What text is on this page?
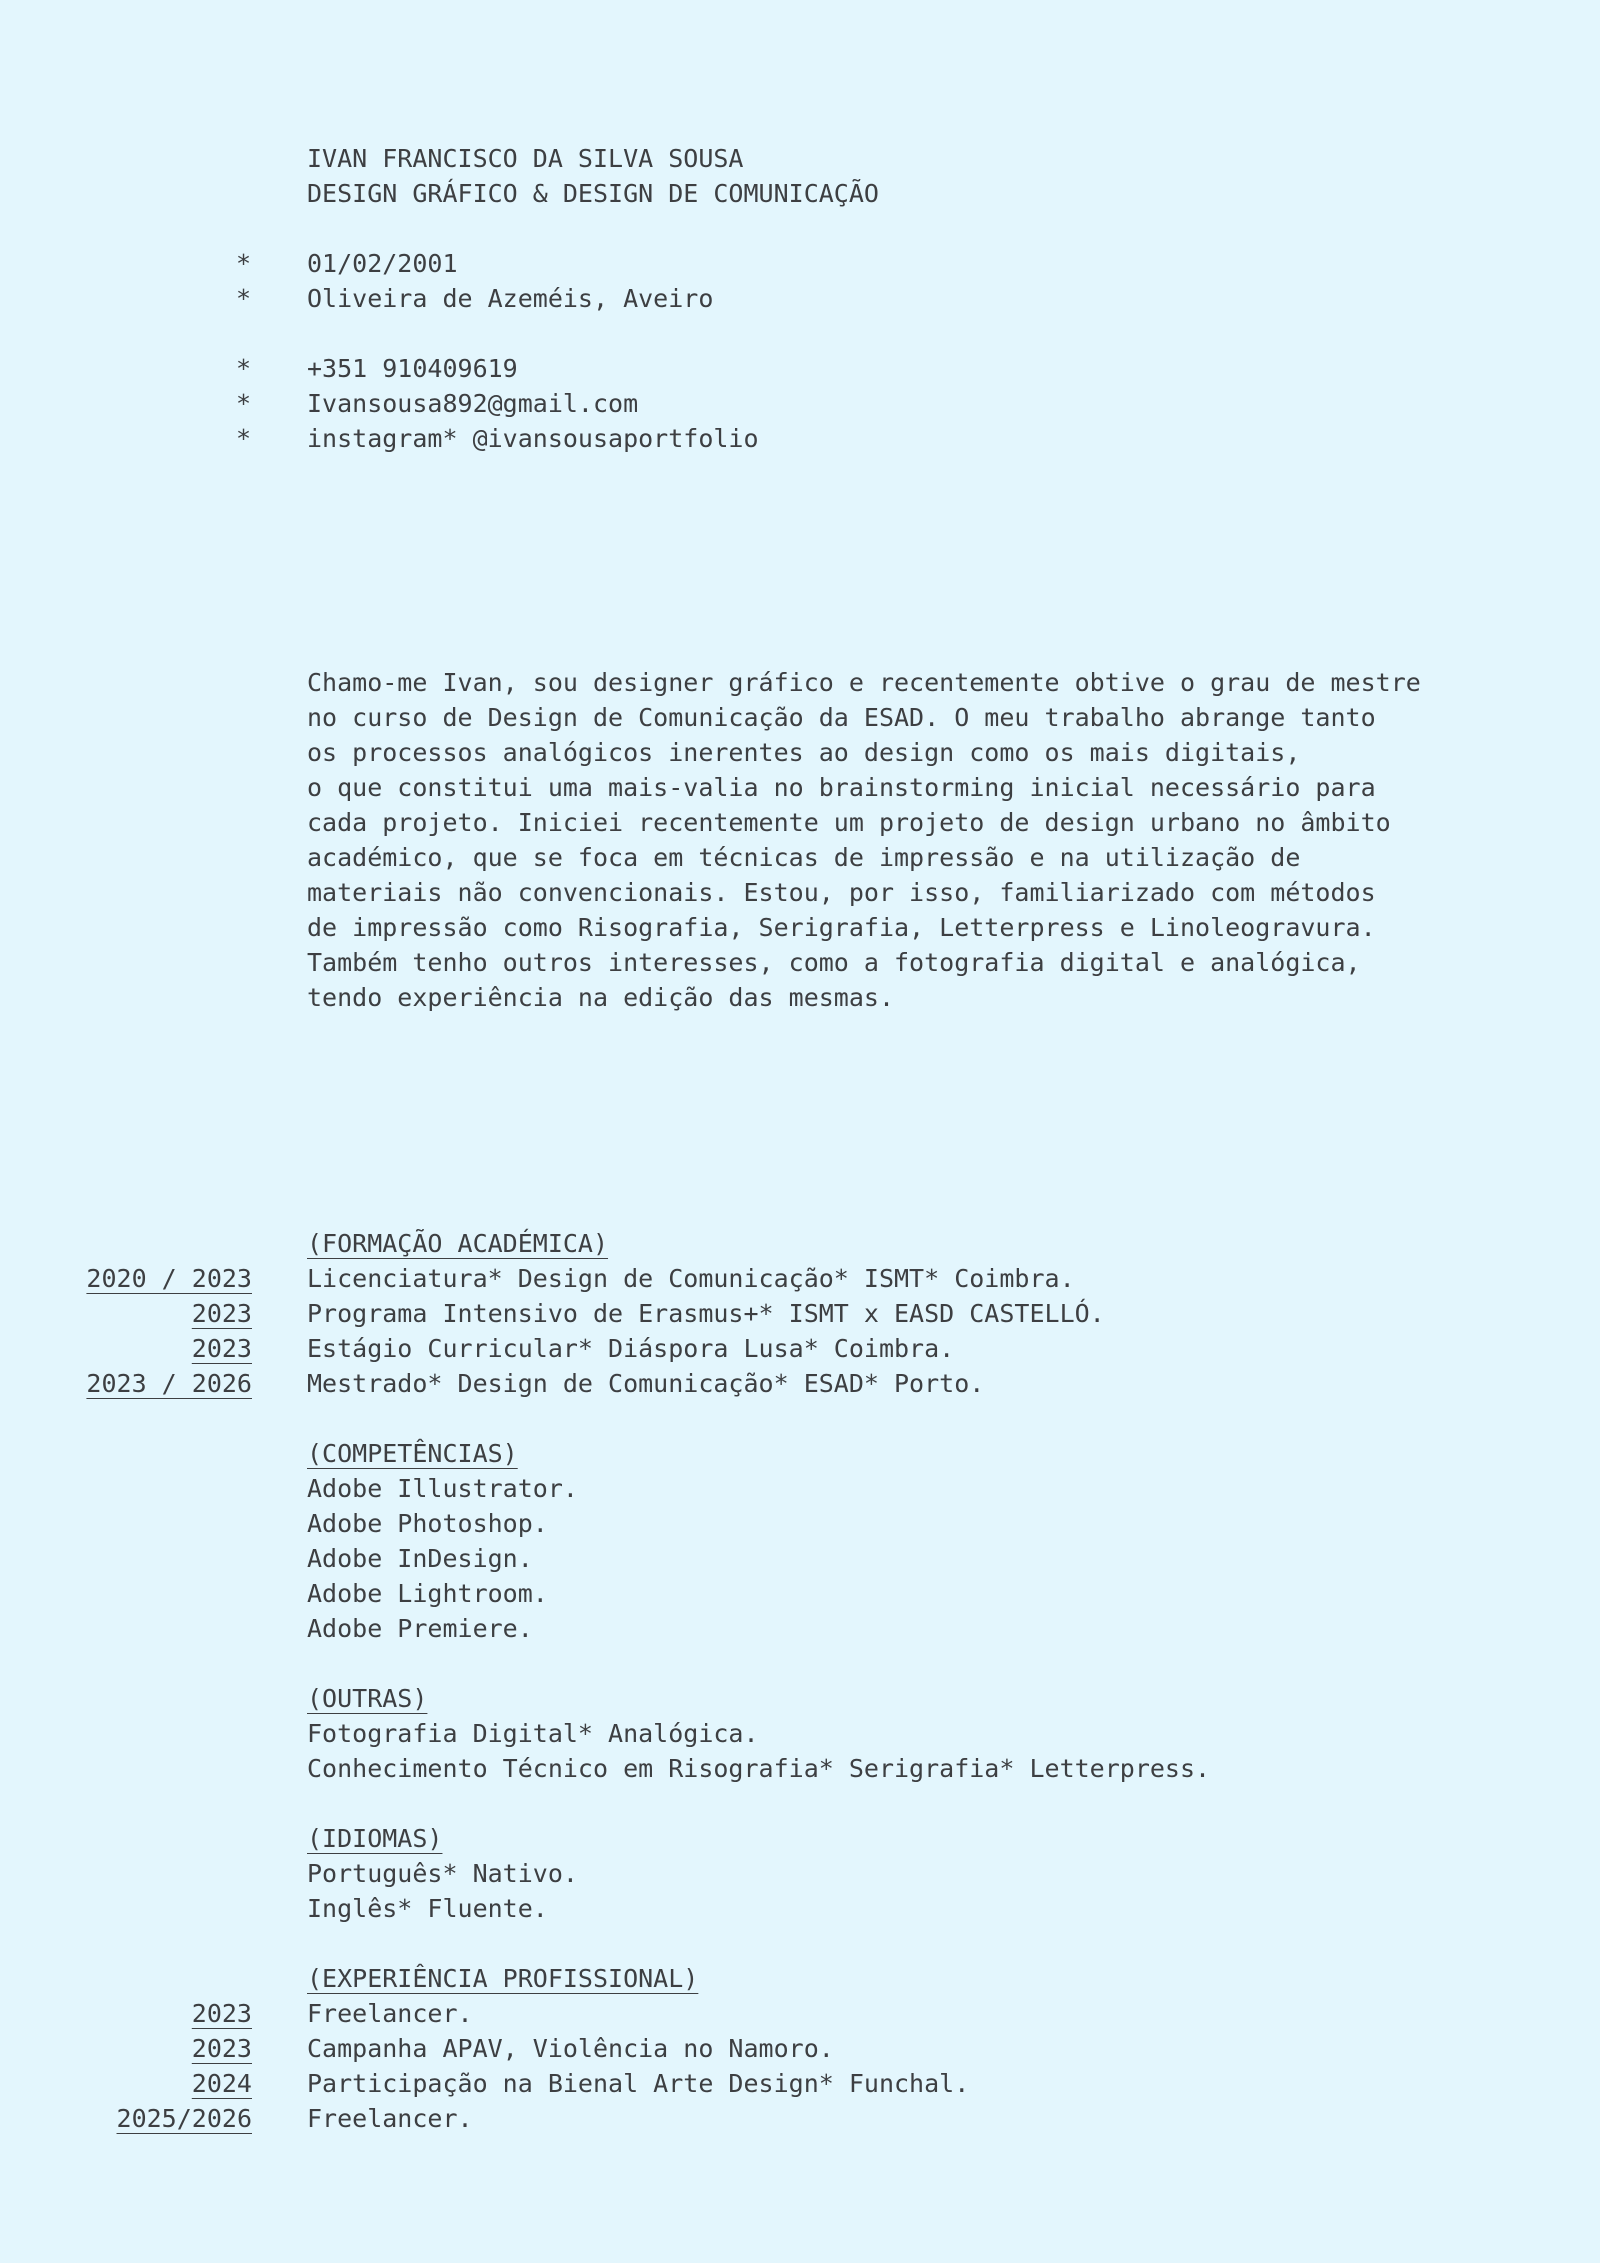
IVAN FRANCISCO DA SILVA SOUSA
DESIGN GRÁFICO & DESIGN DE COMUNICAÇÃO
* 01/02/2001
* Oliveira de Azeméis, Aveiro
* +351 910409619
* Ivansousa892@gmail.com
* instagram* @ivansousaportfolio
Chamo-me Ivan, sou designer gráfico e recentemente obtive o grau de mestre
no curso de Design de Comunicação da ESAD. O meu trabalho abrange tanto
os processos analógicos inerentes ao design como os mais digitais,
o que constitui uma mais-valia no brainstorming inicial necessário para
cada projeto. Iniciei recentemente um projeto de design urbano no âmbito
académico, que se foca em técnicas de impressão e na utilização de
materiais não convencionais. Estou, por isso, familiarizado com métodos
de impressão como Risografia, Serigrafia, Letterpress e Linoleogravura.
Também tenho outros interesses, como a fotografia digital e analógica,
tendo experiência na edição das mesmas.
(FORMAÇÃO ACADÉMICA)
2020 / 2023 Licenciatura* Design de Comunicação* ISMT* Coimbra.
2023 Programa Intensivo de Erasmus+* ISMT x EASD CASTELLÓ.
2023 Estágio Curricular* Diáspora Lusa* Coimbra.
2023 / 2026 Mestrado* Design de Comunicação* ESAD* Porto.
(COMPETÊNCIAS)
Adobe Illustrator.
Adobe Photoshop.
Adobe InDesign.
Adobe Lightroom.
Adobe Premiere.
(OUTRAS)
Fotografia Digital* Analógica.
Conhecimento Técnico em Risografia* Serigrafia* Letterpress.
(IDIOMAS)
Português* Nativo.
Inglês* Fluente.
(EXPERIÊNCIA PROFISSIONAL)
2023 Freelancer.
2023 Campanha APAV, Violência no Namoro.
2024 Participação na Bienal Arte Design* Funchal.
2025/2026 Freelancer.
